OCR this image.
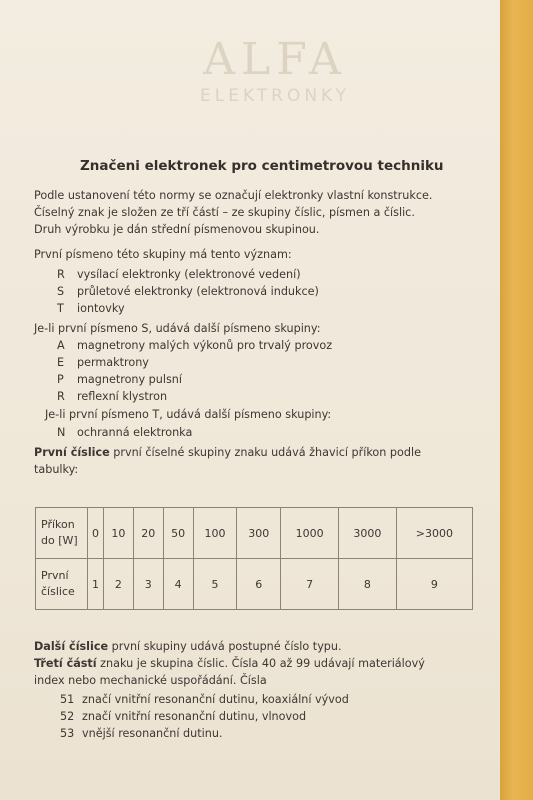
ALFA
ELEKTRONKY
Značeni elektronek pro centimetrovou techniku
Podle ustanovení této normy se označují elektronky vlastní konstrukce.
Číselný znak je složen ze tří částí – ze skupiny číslic, písmen a číslic.
Druh výrobku je dán střední písmenovou skupinou.
První písmeno této skupiny má tento význam:
R vysílací elektronky (elektronové vedení)
S průletové elektronky (elektronová indukce)
T iontovky
Je-li první písmeno S, udává další písmeno skupiny:
A magnetrony malých výkonů pro trvalý provoz
E permaktrony
P magnetrony pulsní
R reflexní klystron
Je-li první písmeno T, udává další písmeno skupiny:
N ochranná elektronka
První číslice první číselné skupiny znaku udává žhavicí příkon podle
tabulky:
Příkon
do [W]	0	10	20	50	100	300	1000	3000	>3000

První
číslice	1	2	3	4	5	6	7	8	9
Další číslice první skupiny udává postupné číslo typu.
Třetí částí znaku je skupina číslic. Čísla 40 až 99 udávají materiálový
index nebo mechanické uspořádání. Čísla
51 značí vnitřní resonanční dutinu, koaxiální vývod
52 značí vnitřní resonanční dutinu, vlnovod
53 vnější resonanční dutinu.
